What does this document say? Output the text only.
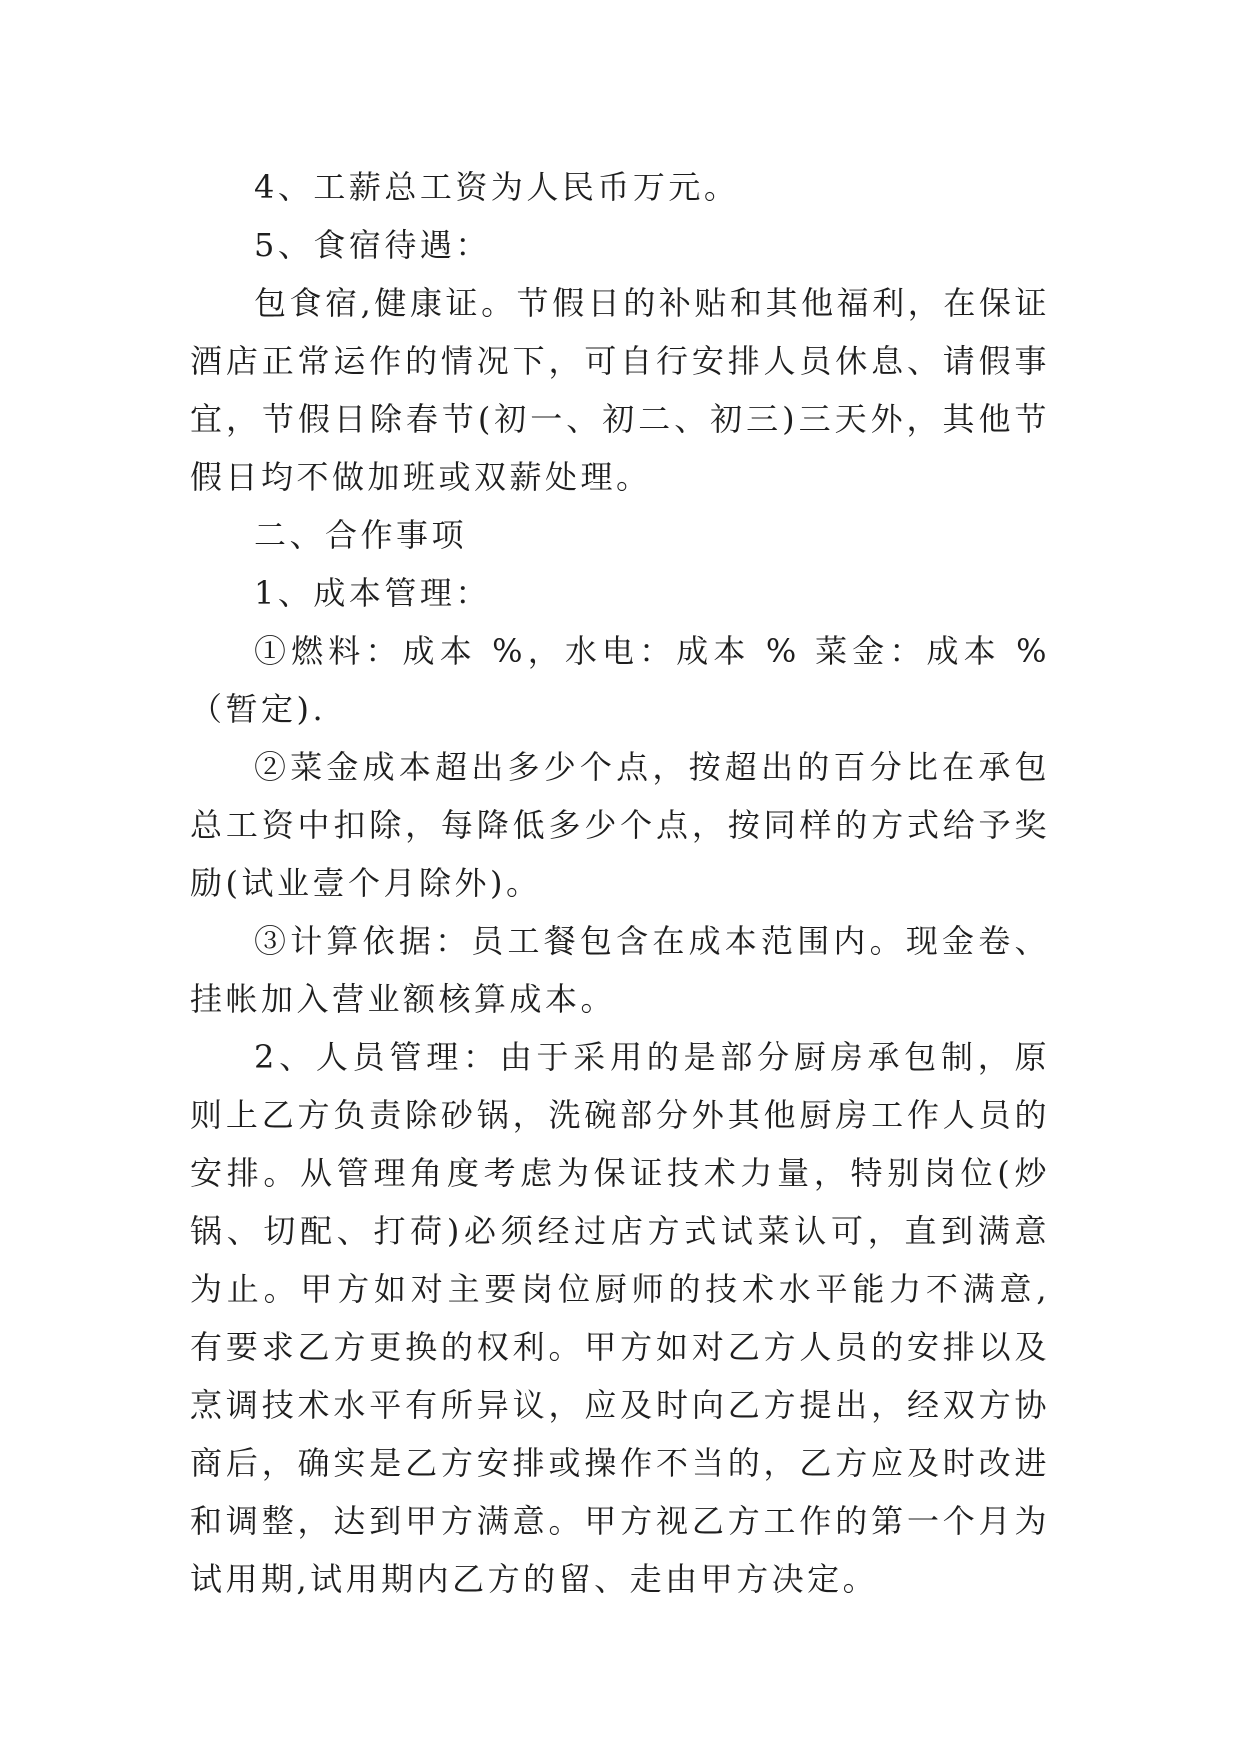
4、工薪总工资为人民币万元。

5、食宿待遇：

包食宿,健康证。节假日的补贴和其他福利，在保证酒店正常运作的情况下，可自行安排人员休息、请假事宜，节假日除春节(初一、初二、初三)三天外，其他节假日均不做加班或双薪处理。

二、合作事项

1、成本管理：

①燃料：成本 %，水电：成本 % 菜金：成本 %（暂定).

②菜金成本超出多少个点，按超出的百分比在承包总工资中扣除，每降低多少个点，按同样的方式给予奖励(试业壹个月除外)。

③计算依据：员工餐包含在成本范围内。现金卷、挂帐加入营业额核算成本。

2、人员管理：由于采用的是部分厨房承包制，原则上乙方负责除砂锅，洗碗部分外其他厨房工作人员的安排。从管理角度考虑为保证技术力量，特别岗位(炒锅、切配、打荷)必须经过店方式试菜认可，直到满意为止。甲方如对主要岗位厨师的技术水平能力不满意,有要求乙方更换的权利。甲方如对乙方人员的安排以及烹调技术水平有所异议，应及时向乙方提出，经双方协商后，确实是乙方安排或操作不当的，乙方应及时改进和调整，达到甲方满意。甲方视乙方工作的第一个月为试用期,试用期内乙方的留、走由甲方决定。
